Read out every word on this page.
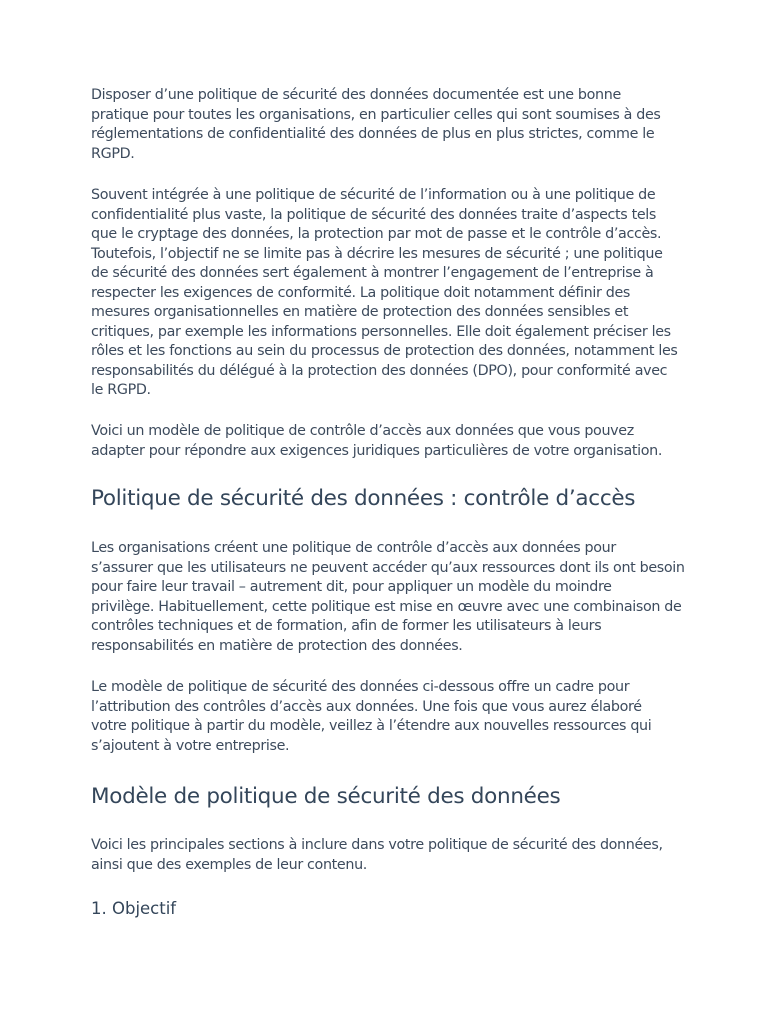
Disposer d’une politique de sécurité des données documentée est une bonne
pratique pour toutes les organisations, en particulier celles qui sont soumises à des
réglementations de confidentialité des données de plus en plus strictes, comme le
RGPD.

Souvent intégrée à une politique de sécurité de l’information ou à une politique de
confidentialité plus vaste, la politique de sécurité des données traite d’aspects tels
que le cryptage des données, la protection par mot de passe et le contrôle d’accès.
Toutefois, l’objectif ne se limite pas à décrire les mesures de sécurité ; une politique
de sécurité des données sert également à montrer l’engagement de l’entreprise à
respecter les exigences de conformité. La politique doit notamment définir des
mesures organisationnelles en matière de protection des données sensibles et
critiques, par exemple les informations personnelles. Elle doit également préciser les
rôles et les fonctions au sein du processus de protection des données, notamment les
responsabilités du délégué à la protection des données (DPO), pour conformité avec
le RGPD.

Voici un modèle de politique de contrôle d’accès aux données que vous pouvez
adapter pour répondre aux exigences juridiques particulières de votre organisation.

Politique de sécurité des données : contrôle d’accès

Les organisations créent une politique de contrôle d’accès aux données pour
s’assurer que les utilisateurs ne peuvent accéder qu’aux ressources dont ils ont besoin
pour faire leur travail – autrement dit, pour appliquer un modèle du moindre
privilège. Habituellement, cette politique est mise en œuvre avec une combinaison de
contrôles techniques et de formation, afin de former les utilisateurs à leurs
responsabilités en matière de protection des données.

Le modèle de politique de sécurité des données ci-dessous offre un cadre pour
l’attribution des contrôles d’accès aux données. Une fois que vous aurez élaboré
votre politique à partir du modèle, veillez à l’étendre aux nouvelles ressources qui
s’ajoutent à votre entreprise.

Modèle de politique de sécurité des données

Voici les principales sections à inclure dans votre politique de sécurité des données,
ainsi que des exemples de leur contenu.

1. Objectif
